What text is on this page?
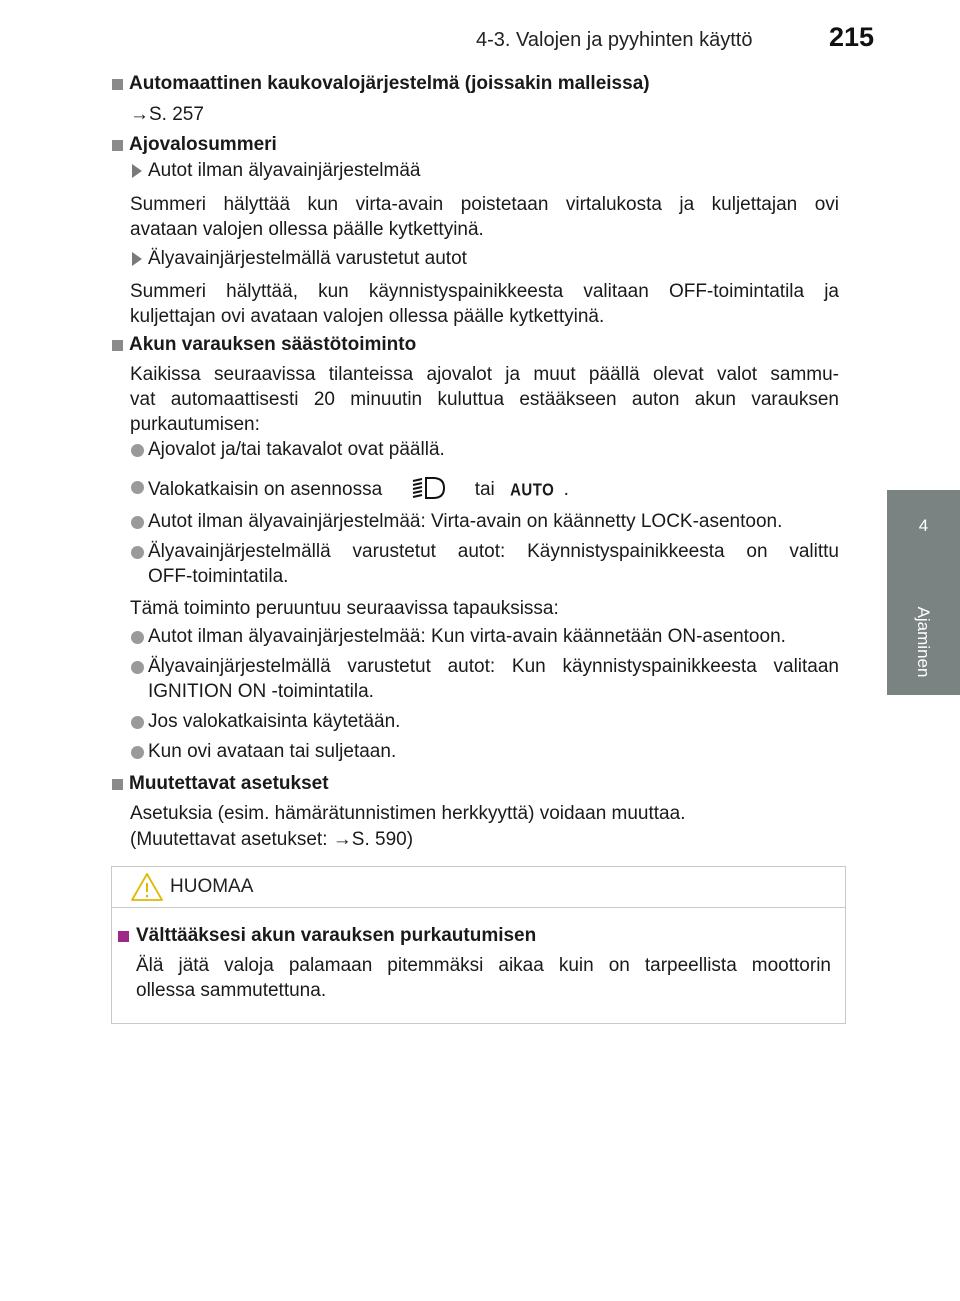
4-3. Valojen ja pyyhinten käyttö	215
4
Ajaminen
Automaattinen kaukovalojärjestelmä (joissakin malleissa)
→S. 257
Ajovalosummeri
Autot ilman älyavainjärjestelmää
Summeri hälyttää kun virta-avain poistetaan virtalukosta ja kuljettajan ovi
avataan valojen ollessa päälle kytkettyinä.
Älyavainjärjestelmällä varustetut autot
Summeri hälyttää, kun käynnistyspainikkeesta valitaan OFF-toimintatila ja
kuljettajan ovi avataan valojen ollessa päälle kytkettyinä.
Akun varauksen säästötoiminto
Kaikissa seuraavissa tilanteissa ajovalot ja muut päällä olevat valot sammu-
vat automaattisesti 20 minuutin kuluttua estääkseen auton akun varauksen
purkautumisen:
Ajovalot ja/tai takavalot ovat päällä.
Valokatkaisin on asennossa	tai AUTO .
Autot ilman älyavainjärjestelmää: Virta-avain on käännetty LOCK-asentoon.
Älyavainjärjestelmällä varustetut autot: Käynnistyspainikkeesta on valittu
OFF-toimintatila.
Tämä toiminto peruuntuu seuraavissa tapauksissa:
Autot ilman älyavainjärjestelmää: Kun virta-avain käännetään ON-asentoon.
Älyavainjärjestelmällä varustetut autot: Kun käynnistyspainikkeesta valitaan
IGNITION ON -toimintatila.
Jos valokatkaisinta käytetään.
Kun ovi avataan tai suljetaan.
Muutettavat asetukset
Asetuksia (esim. hämärätunnistimen herkkyyttä) voidaan muuttaa.
(Muutettavat asetukset: →S. 590)
HUOMAA
Välttääksesi akun varauksen purkautumisen
Älä jätä valoja palamaan pitemmäksi aikaa kuin on tarpeellista moottorin
ollessa sammutettuna.
